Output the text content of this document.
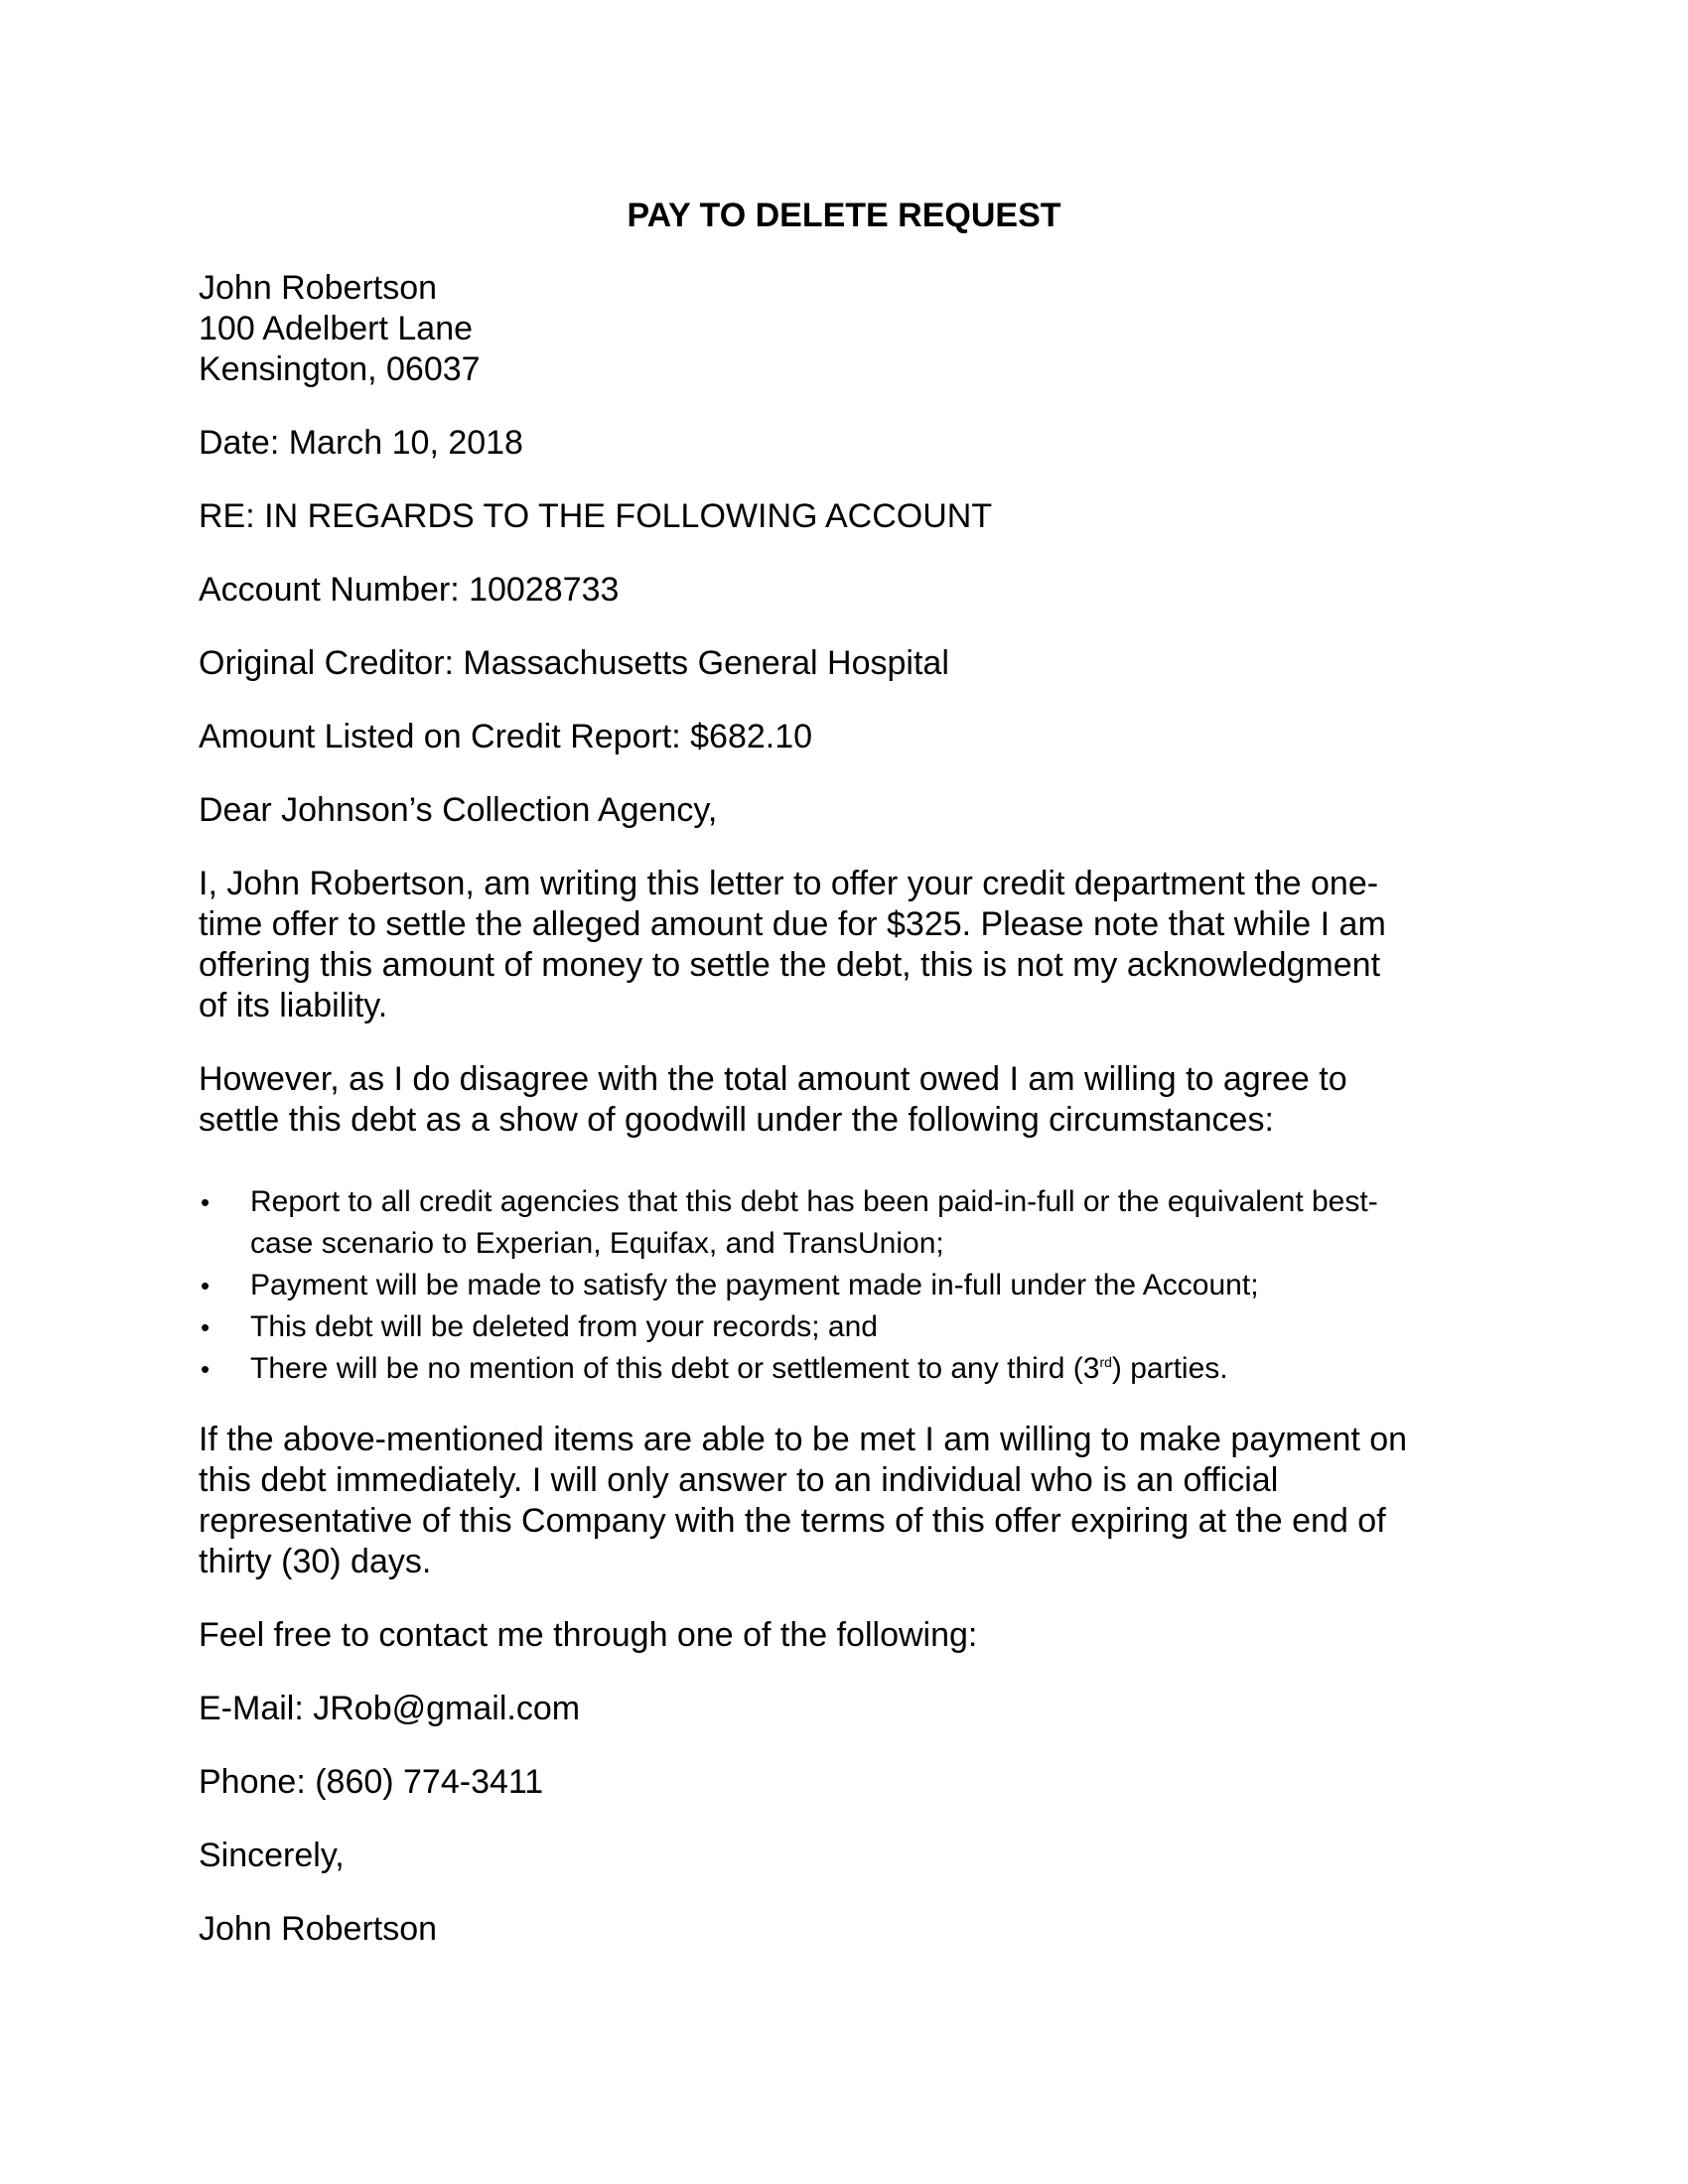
PAY TO DELETE REQUEST
John Robertson
100 Adelbert Lane
Kensington, 06037
Date: March 10, 2018
RE: IN REGARDS TO THE FOLLOWING ACCOUNT
Account Number: 10028733
Original Creditor: Massachusetts General Hospital
Amount Listed on Credit Report: $682.10
Dear Johnson’s Collection Agency,
I, John Robertson, am writing this letter to offer your credit department the one-
time offer to settle the alleged amount due for $325. Please note that while I am
offering this amount of money to settle the debt, this is not my acknowledgment
of its liability.
However, as I do disagree with the total amount owed I am willing to agree to
settle this debt as a show of goodwill under the following circumstances:
• Report to all credit agencies that this debt has been paid-in-full or the equivalent best-
case scenario to Experian, Equifax, and TransUnion;
• Payment will be made to satisfy the payment made in-full under the Account;
• This debt will be deleted from your records; and
• There will be no mention of this debt or settlement to any third (3rd) parties.
If the above-mentioned items are able to be met I am willing to make payment on
this debt immediately. I will only answer to an individual who is an official
representative of this Company with the terms of this offer expiring at the end of
thirty (30) days.
Feel free to contact me through one of the following:
E-Mail: JRob@gmail.com
Phone: (860) 774-3411
Sincerely,
John Robertson
